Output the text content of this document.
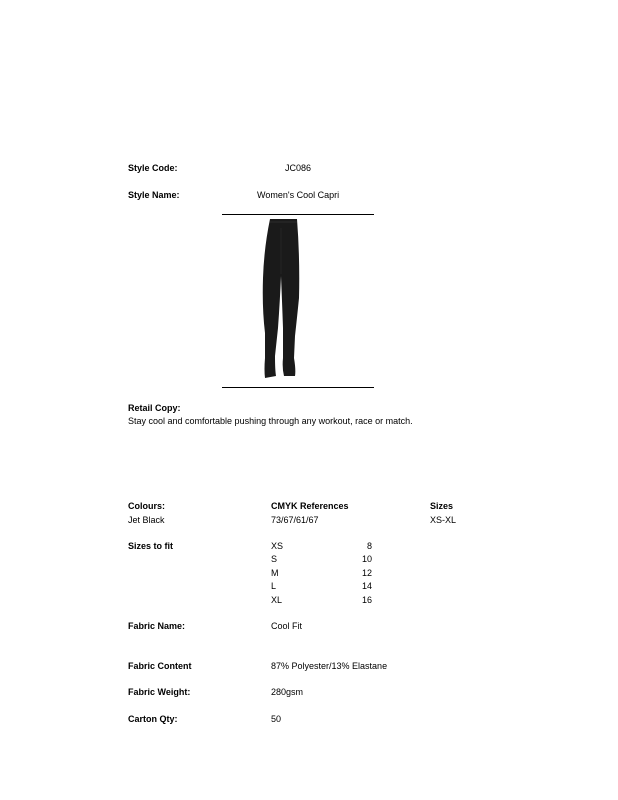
Style Code:	JC086
Style Name:	Women's Cool Capri
Retail Copy:
Stay cool and comfortable pushing through any workout, race or match.
Colours:	CMYK References	Sizes
Jet Black	73/67/61/67	XS-XL
Sizes to fit	XS	8
S	10
M	12
L	14
XL	16
Fabric Name:	Cool Fit
Fabric Content	87% Polyester/13% Elastane
Fabric Weight:	280gsm
Carton Qty:	50
